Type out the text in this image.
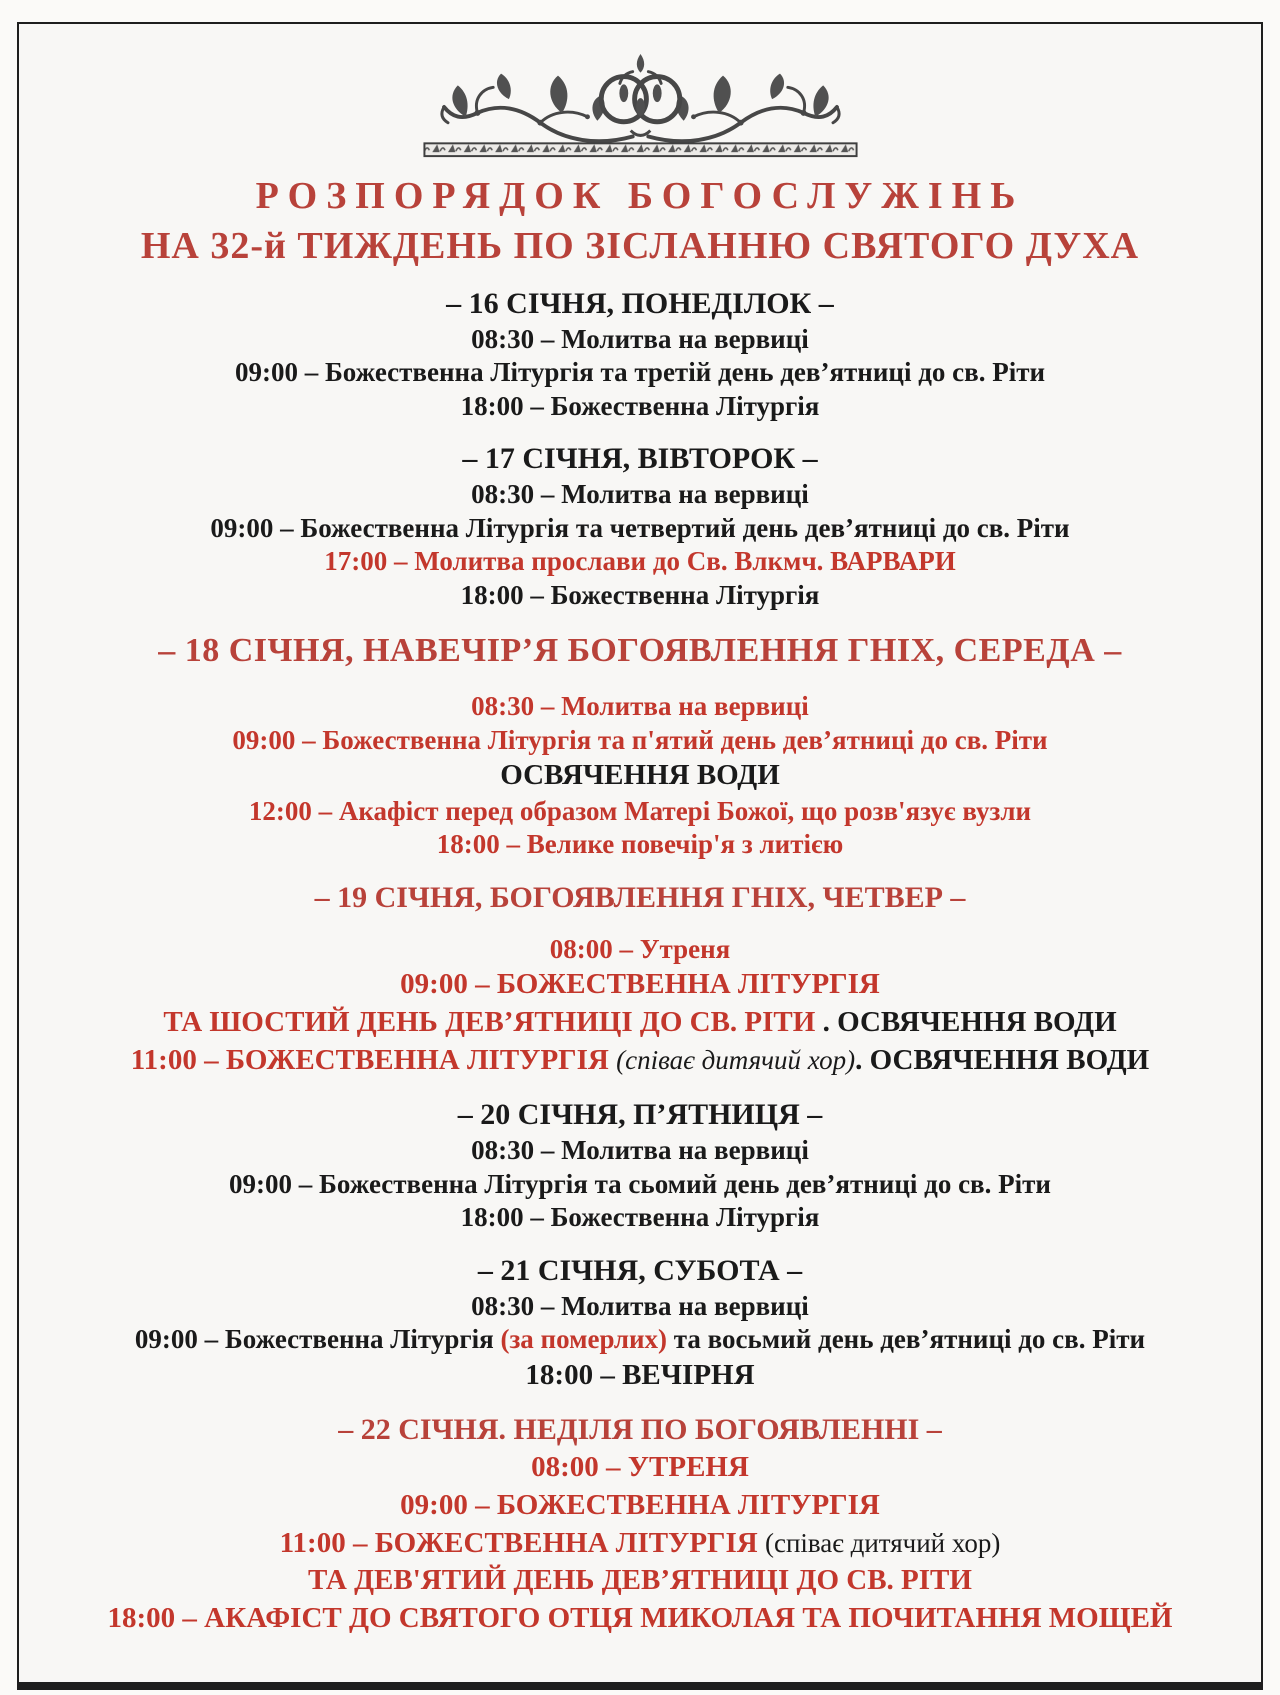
РОЗПОРЯДОК БОГОСЛУЖІНЬ
НА 32-й ТИЖДЕНЬ ПО ЗІСЛАННЮ СВЯТОГО ДУХА
– 16 СІЧНЯ, ПОНЕДІЛОК –
08:30 – Молитва на вервиці
09:00 – Божественна Літургія та третій день дев’ятниці до св. Ріти
18:00 – Божественна Літургія
– 17 СІЧНЯ, ВІВТОРОК –
08:30 – Молитва на вервиці
09:00 – Божественна Літургія та четвертий день дев’ятниці до св. Ріти
17:00 – Молитва прослави до Св. Влкмч. ВАРВАРИ
18:00 – Божественна Літургія
– 18 СІЧНЯ, НАВЕЧІР’Я БОГОЯВЛЕННЯ ГНІХ, СЕРЕДА –
08:30 – Молитва на вервиці
09:00 – Божественна Літургія та п'ятий день дев’ятниці до св. Ріти
ОСВЯЧЕННЯ ВОДИ
12:00 – Акафіст перед образом Матері Божої, що розв'язує вузли
18:00 – Велике повечір'я з литією
– 19 СІЧНЯ, БОГОЯВЛЕННЯ ГНІХ, ЧЕТВЕР –
08:00 – Утреня
09:00 – БОЖЕСТВЕННА ЛІТУРГІЯ
ТА ШОСТИЙ ДЕНЬ ДЕВ’ЯТНИЦІ ДО СВ. РІТИ . ОСВЯЧЕННЯ ВОДИ
11:00 – БОЖЕСТВЕННА ЛІТУРГІЯ (співає дитячий хор). ОСВЯЧЕННЯ ВОДИ
– 20 СІЧНЯ, П’ЯТНИЦЯ –
08:30 – Молитва на вервиці
09:00 – Божественна Літургія та сьомий день дев’ятниці до св. Ріти
18:00 – Божественна Літургія
– 21 СІЧНЯ, СУБОТА –
08:30 – Молитва на вервиці
09:00 – Божественна Літургія (за померлих) та восьмий день дев’ятниці до св. Ріти
18:00 – ВЕЧІРНЯ
– 22 СІЧНЯ. НЕДІЛЯ ПО БОГОЯВЛЕННІ –
08:00 – УТРЕНЯ
09:00 – БОЖЕСТВЕННА ЛІТУРГІЯ
11:00 – БОЖЕСТВЕННА ЛІТУРГІЯ (співає дитячий хор)
ТА ДЕВ'ЯТИЙ ДЕНЬ ДЕВ’ЯТНИЦІ ДО СВ. РІТИ
18:00 – АКАФІСТ ДО СВЯТОГО ОТЦЯ МИКОЛАЯ ТА ПОЧИТАННЯ МОЩЕЙ
